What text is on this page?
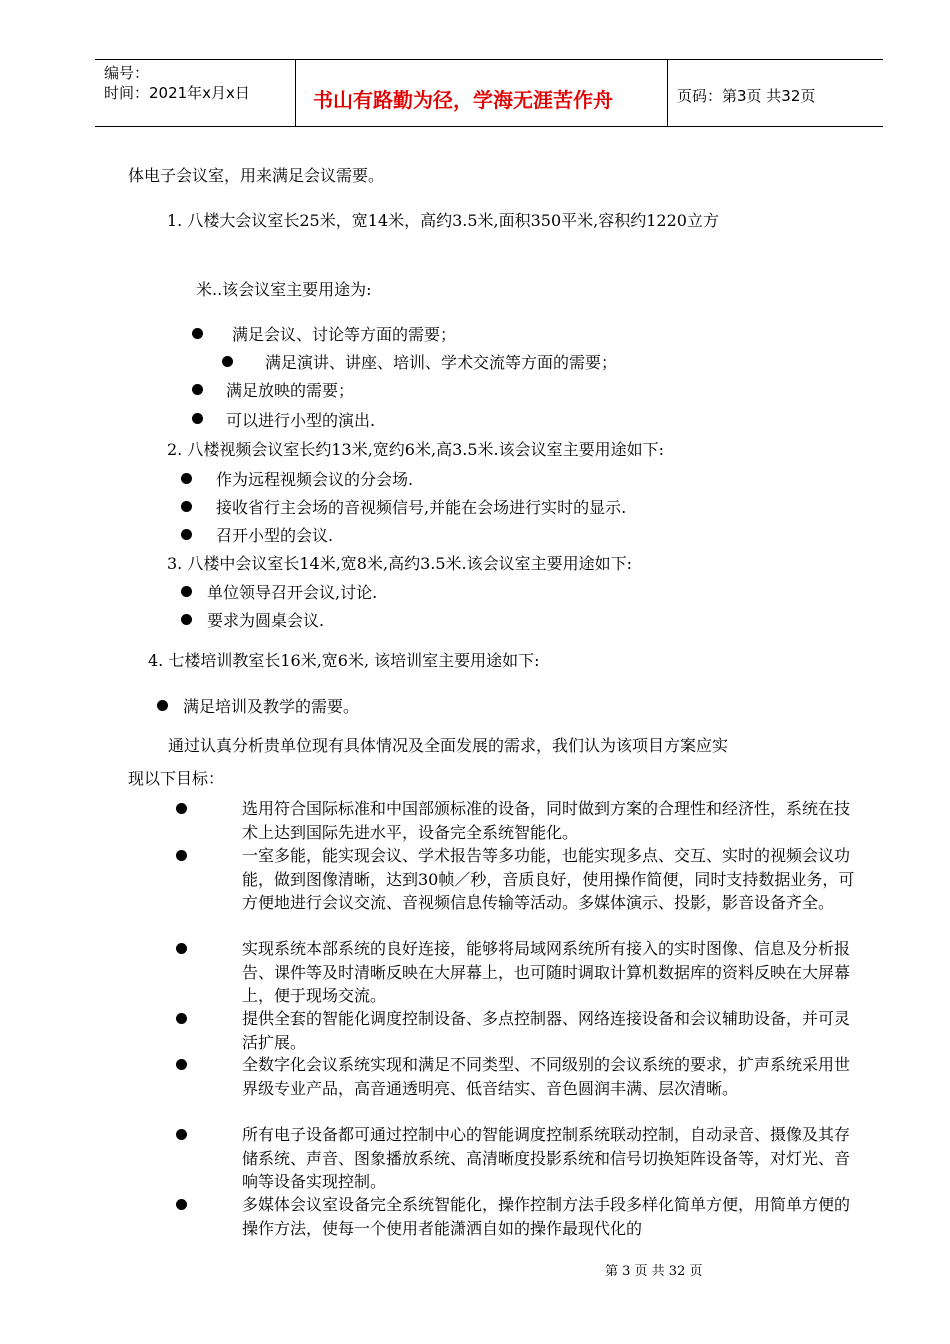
编号：
时间：2021年x月x日	书山有路勤为径，学海无涯苦作舟	页码：第3页 共32页
体电子会议室，用来满足会议需要。
1. 八楼大会议室长25米，宽14米，高约3.5米,面积350平米,容积约1220立方
米..该会议室主要用途为:
满足会议、讨论等方面的需要；
满足演讲、讲座、培训、学术交流等方面的需要；
满足放映的需要；
可以进行小型的演出.
2. 八楼视频会议室长约13米,宽约6米,高3.5米.该会议室主要用途如下:
作为远程视频会议的分会场.
接收省行主会场的音视频信号,并能在会场进行实时的显示.
召开小型的会议.
3. 八楼中会议室长14米,宽8米,高约3.5米.该会议室主要用途如下:
单位领导召开会议,讨论.
要求为圆桌会议.
4. 七楼培训教室长16米,宽6米, 该培训室主要用途如下:
满足培训及教学的需要。
通过认真分析贵单位现有具体情况及全面发展的需求，我们认为该项目方案应实
现以下目标：
选用符合国际标准和中国部颁标准的设备，同时做到方案的合理性和经济性，系统在技术上达到国际先进水平，设备完全系统智能化。
一室多能，能实现会议、学术报告等多功能，也能实现多点、交互、实时的视频会议功能，做到图像清晰，达到30帧／秒，音质良好，使用操作简便，同时支持数据业务，可方便地进行会议交流、音视频信息传输等活动。多媒体演示、投影，影音设备齐全。
实现系统本部系统的良好连接，能够将局域网系统所有接入的实时图像、信息及分析报告、课件等及时清晰反映在大屏幕上，也可随时调取计算机数据库的资料反映在大屏幕上，便于现场交流。
提供全套的智能化调度控制设备、多点控制器、网络连接设备和会议辅助设备，并可灵活扩展。
全数字化会议系统实现和满足不同类型、不同级别的会议系统的要求，扩声系统采用世界级专业产品，高音通透明亮、低音结实、音色圆润丰满、层次清晰。
所有电子设备都可通过控制中心的智能调度控制系统联动控制，自动录音、摄像及其存储系统、声音、图象播放系统、高清晰度投影系统和信号切换矩阵设备等，对灯光、音响等设备实现控制。
多媒体会议室设备完全系统智能化，操作控制方法手段多样化简单方便，用简单方便的操作方法，使每一个使用者能潇洒自如的操作最现代化的
第 3 页 共 32 页
